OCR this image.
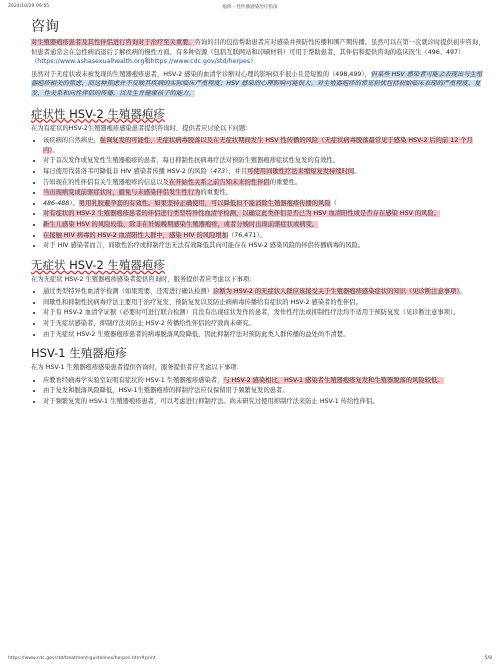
2024/10/29 09:55	疱疹 - 性传播感染治疗指南
咨询

对生殖器疱疹患者及其性伴侣进行咨询对于治疗至关重要。咨询的目的包括帮助患者应对感染并预防性传播和围产期传播。虽然可以在第一次就诊时提供初步咨询，但患者通常会在急性病消退后了解疾病的慢性方面。有多种资源（包括互联网站和印刷材料）可用于帮助患者、其伴侣和提供咨询的临床医生（496、497）（https://www.ashasexualhealth.org和https://www.cdc.gov/std/herpes）

虽然对于无症状或未被发现的生殖器疱疹患者，HSV-2 感染的血清学诊断对心理的影响似乎很小且是短暂的（498,499），但某些 HSV 感染者可能会表现出与生殖器疱疹相关的焦虑、而这种焦虑并不反映其疾病的实际临床严重程度；HSV 感染的心理影响可能很大。对生殖器疱疹的常见担忧包括初始临床表现的严重程度、复发、性关系和向性伴侣的传播，以及生育健康孩子的能力。

症状性 HSV-2 生殖器疱疹

在为有症状的HSV-2生殖器疱疹感染患者提供咨询时，提供者应讨论以下问题：

• 该疾病的自然病史，强调复发的可能性、无症状病毒脱落以及在无症状期间发生 HSV 性传播的风险（无症状病毒脱落最常见于感染 HSV-2 后的前 12 个月内）。
• 对于首次发作或复发性生殖器疱疹的患者，每日抑制性抗病毒疗法对预防生殖器疱疹症状性复发的有效性。
• 每日使用伐昔洛韦可降低非 HIV 感染者传播 HSV-2 的风险（473），并且可使用间歇性疗法来缩短复发持续时间。
• 告知现在的性伴侣有关生殖器疱疹的信息以及在开始性关系之前告知未来的性伴侣的重要性。
• 当出现病变或前驱症状时，避免与未感染伴侣发生性行为的重要性。
• 486-488）。男用乳胶避孕套的有效性。如果坚持正确使用，可以降低但不能消除生殖器疱疹传播的风险（
• 对有症状的 HSV-2 生殖器疱疹患者的伴侣进行类型特异性血清学检测，以确定此类伴侣是否已为 HSV 血清阳性或是否存在感染 HSV 的风险。
• 新生儿感染 HSV 的风险较低，除非在妊娠晚期感染生殖器疱疹，或者分娩时出现前驱症状或病变。
• 在接触 HIV 病毒的 HSV-2 血清阳性人群中，感染 HIV 的风险增加（76,471）。
• 对于 HIV 感染者而言，间歇性治疗或抑制疗法无法有效降低其向可能存在 HSV-2 感染风险的伴侣传播病毒的风险。
无症状 HSV-2 生殖器疱疹

在为无症状 HSV-2 生殖器疱疹感染者提供咨询时，服务提供者应考虑以下事项：

• 通过类型特异性血清学检测（如果需要，还需进行确认检测）诊断为 HSV-2 的无症状人群应该接受关于生殖器疱疹感染症状的知识（见诊断注意事项）。
• 间歇性和抑制性抗病毒疗法主要用于治疗复发、预防复发以及防止病病毒传播给有症状的 HSV-2 感染者的性伴侣。
• 对于有 HSV-2 血清学证据（必要时可进行联合检测）且没有出现症状发作的患者，发作性疗法或抑制性疗法均不适用于预防复发（见诊断注意事项）。
• 对于无症状感染者，抑制疗法对防止 HSV-2 传播给性伴侣的疗效尚未研究。
• 由于无症状 HSV-2 生殖器疱疹患者的病毒脱落风险降低，因此抑制疗法对预防此类人群传播的益处尚不清楚。
HSV-1 生殖器疱疹

在为 HSV-1 生殖器疱疹感染患者提供咨询时，服务提供者应考虑以下事项：

• 应教育经病毒学实验室证明有症状的 HSV-1 生殖器疱疹感染者，与 HSV-2 感染相比，HSV-1 感染者生殖器疱疹复发和生殖器脱落的风险较低。
• 由于复发和脱落风险降低，HSV-1生殖器疱疹的抑制疗法应仅保留用于频繁复发的患者。
• 对于频繁复发的 HSV-1 生殖器疱疹患者，可以考虑进行抑制疗法。尚未研究过使用抑制疗法来防止 HSV-1 传给性伴侣。
https://www.cdc.gov/std/treatment-guidelines/herpes.htm#print	5/8
